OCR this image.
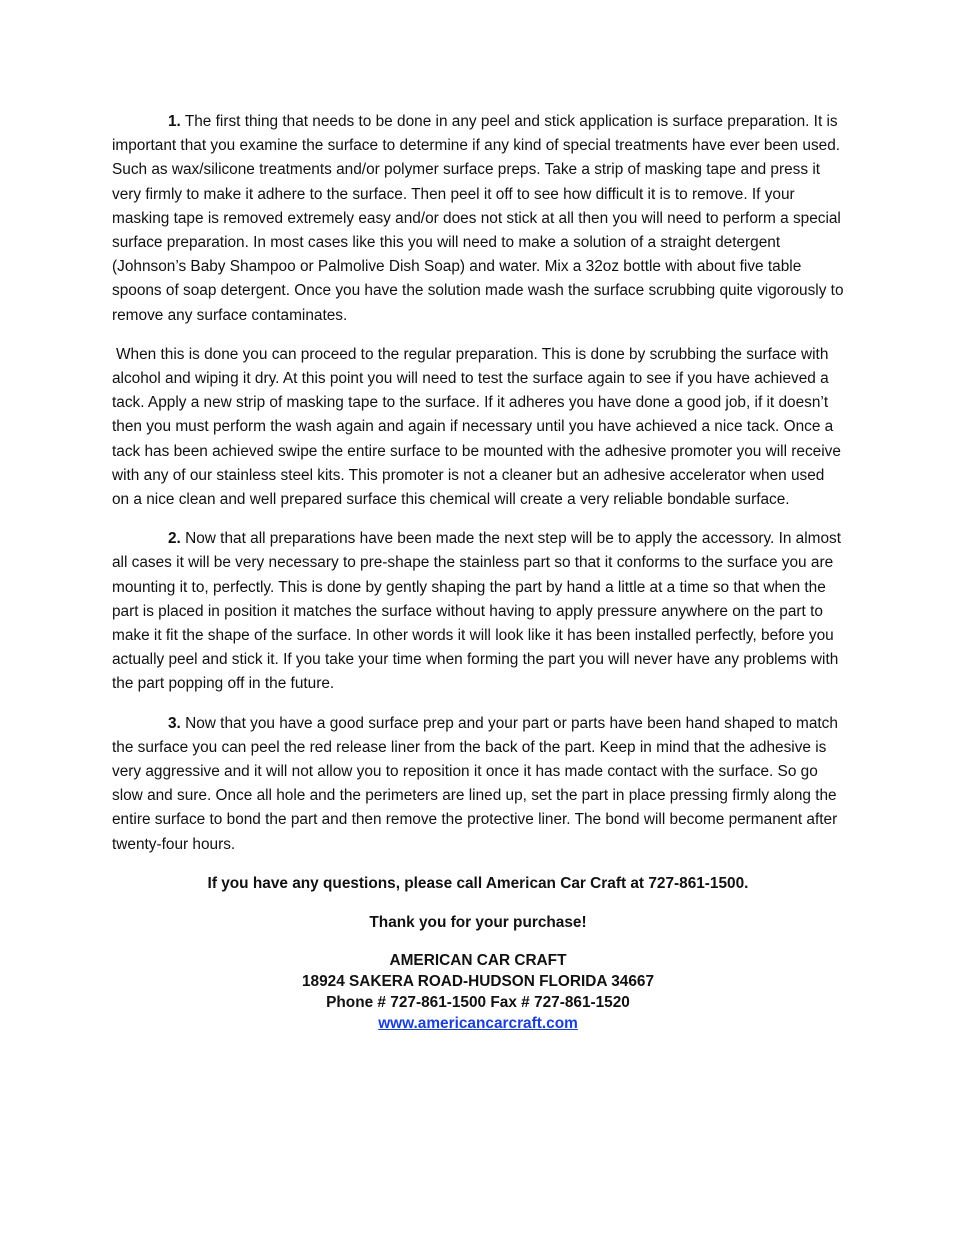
1. The first thing that needs to be done in any peel and stick application is surface preparation. It is important that you examine the surface to determine if any kind of special treatments have ever been used. Such as wax/silicone treatments and/or polymer surface preps. Take a strip of masking tape and press it very firmly to make it adhere to the surface. Then peel it off to see how difficult it is to remove. If your masking tape is removed extremely easy and/or does not stick at all then you will need to perform a special surface preparation. In most cases like this you will need to make a solution of a straight detergent (Johnson’s Baby Shampoo or Palmolive Dish Soap) and water. Mix a 32oz bottle with about five table spoons of soap detergent. Once you have the solution made wash the surface scrubbing quite vigorously to remove any surface contaminates.

When this is done you can proceed to the regular preparation. This is done by scrubbing the surface with alcohol and wiping it dry. At this point you will need to test the surface again to see if you have achieved a tack. Apply a new strip of masking tape to the surface. If it adheres you have done a good job, if it doesn’t then you must perform the wash again and again if necessary until you have achieved a nice tack. Once a tack has been achieved swipe the entire surface to be mounted with the adhesive promoter you will receive with any of our stainless steel kits. This promoter is not a cleaner but an adhesive accelerator when used on a nice clean and well prepared surface this chemical will create a very reliable bondable surface.

2. Now that all preparations have been made the next step will be to apply the accessory. In almost all cases it will be very necessary to pre-shape the stainless part so that it conforms to the surface you are mounting it to, perfectly. This is done by gently shaping the part by hand a little at a time so that when the part is placed in position it matches the surface without having to apply pressure anywhere on the part to make it fit the shape of the surface. In other words it will look like it has been installed perfectly, before you actually peel and stick it. If you take your time when forming the part you will never have any problems with the part popping off in the future.

3. Now that you have a good surface prep and your part or parts have been hand shaped to match the surface you can peel the red release liner from the back of the part. Keep in mind that the adhesive is very aggressive and it will not allow you to reposition it once it has made contact with the surface. So go slow and sure. Once all hole and the perimeters are lined up, set the part in place pressing firmly along the entire surface to bond the part and then remove the protective liner. The bond will become permanent after twenty-four hours.

If you have any questions, please call American Car Craft at 727-861-1500.

Thank you for your purchase!

AMERICAN CAR CRAFT
18924 SAKERA ROAD-HUDSON FLORIDA 34667
Phone # 727-861-1500 Fax # 727-861-1520
www.americancarcraft.com
